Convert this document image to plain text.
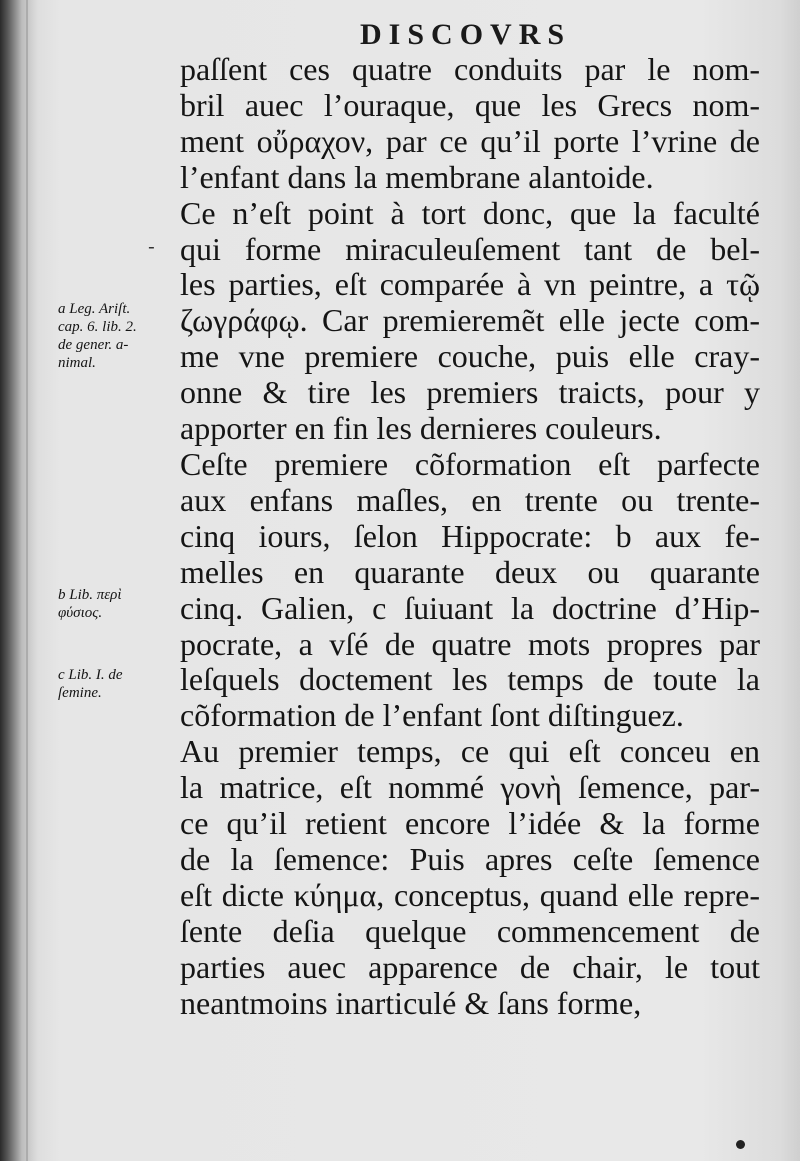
DISCOVRS
-
paſſent ces quatre conduits par le nom-
bril auec l’ouraque, que les Grecs nom-
ment οὔραχον, par ce qu’il porte l’vrine de
l’enfant dans la membrane alantoide.
Ce n’eſt point à tort donc, que la faculté
qui forme miraculeuſement tant de bel-
les parties, eſt comparée à vn peintre, a τῷ
ζωγράφῳ. Car premieremẽt elle jecte com-
me vne premiere couche, puis elle cray-
onne & tire les premiers traicts, pour y
apporter en fin les dernieres couleurs.
Ceſte premiere cõformation eſt parfecte
aux enfans maſles, en trente ou trente-
cinq iours, ſelon Hippocrate: b aux fe-
melles en quarante deux ou quarante
cinq. Galien, c ſuiuant la doctrine d’Hip-
pocrate, a vſé de quatre mots propres par
leſquels doctement les temps de toute la
cõformation de l’enfant ſont diſtinguez.
Au premier temps, ce qui eſt conceu en
la matrice, eſt nommé γονὴ ſemence, par-
ce qu’il retient encore l’idée & la forme
de la ſemence: Puis apres ceſte ſemence
eſt dicte κύημα, conceptus, quand elle repre-
ſente deſia quelque commencement de
parties auec apparence de chair, le tout
neantmoins inarticulé & ſans forme,
a Leg. Ariſt.
cap. 6. lib. 2.
de gener. a-
nimal.
b Lib. περὶ
φύσιος.
c Lib. I. de
ſemine.
